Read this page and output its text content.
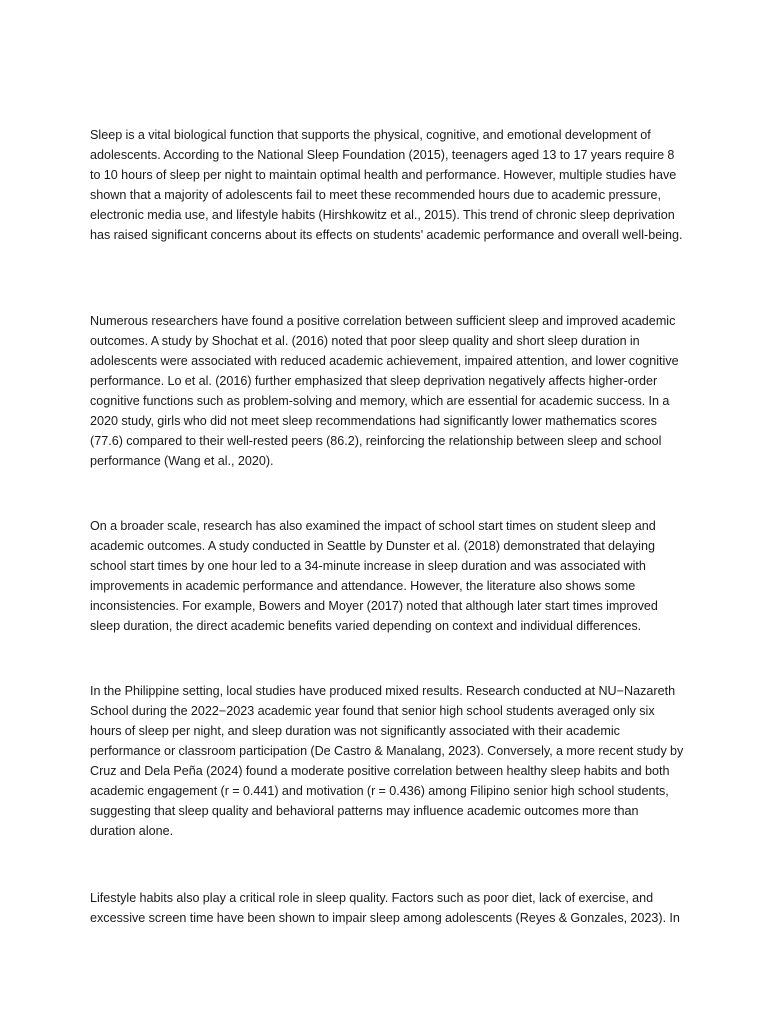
Sleep is a vital biological function that supports the physical, cognitive, and emotional development of adolescents. According to the National Sleep Foundation (2015), teenagers aged 13 to 17 years require 8 to 10 hours of sleep per night to maintain optimal health and performance. However, multiple studies have shown that a majority of adolescents fail to meet these recommended hours due to academic pressure, electronic media use, and lifestyle habits (Hirshkowitz et al., 2015). This trend of chronic sleep deprivation has raised significant concerns about its effects on students' academic performance and overall well-being.

Numerous researchers have found a positive correlation between sufficient sleep and improved academic outcomes. A study by Shochat et al. (2016) noted that poor sleep quality and short sleep duration in adolescents were associated with reduced academic achievement, impaired attention, and lower cognitive performance. Lo et al. (2016) further emphasized that sleep deprivation negatively affects higher-order cognitive functions such as problem-solving and memory, which are essential for academic success. In a 2020 study, girls who did not meet sleep recommendations had significantly lower mathematics scores (77.6) compared to their well-rested peers (86.2), reinforcing the relationship between sleep and school performance (Wang et al., 2020).

On a broader scale, research has also examined the impact of school start times on student sleep and academic outcomes. A study conducted in Seattle by Dunster et al. (2018) demonstrated that delaying school start times by one hour led to a 34-minute increase in sleep duration and was associated with improvements in academic performance and attendance. However, the literature also shows some inconsistencies. For example, Bowers and Moyer (2017) noted that although later start times improved sleep duration, the direct academic benefits varied depending on context and individual differences.

In the Philippine setting, local studies have produced mixed results. Research conducted at NU−Nazareth School during the 2022−2023 academic year found that senior high school students averaged only six hours of sleep per night, and sleep duration was not significantly associated with their academic performance or classroom participation (De Castro & Manalang, 2023). Conversely, a more recent study by Cruz and Dela Peña (2024) found a moderate positive correlation between healthy sleep habits and both academic engagement (r = 0.441) and motivation (r = 0.436) among Filipino senior high school students, suggesting that sleep quality and behavioral patterns may influence academic outcomes more than duration alone.

Lifestyle habits also play a critical role in sleep quality. Factors such as poor diet, lack of exercise, and excessive screen time have been shown to impair sleep among adolescents (Reyes & Gonzales, 2023). In
